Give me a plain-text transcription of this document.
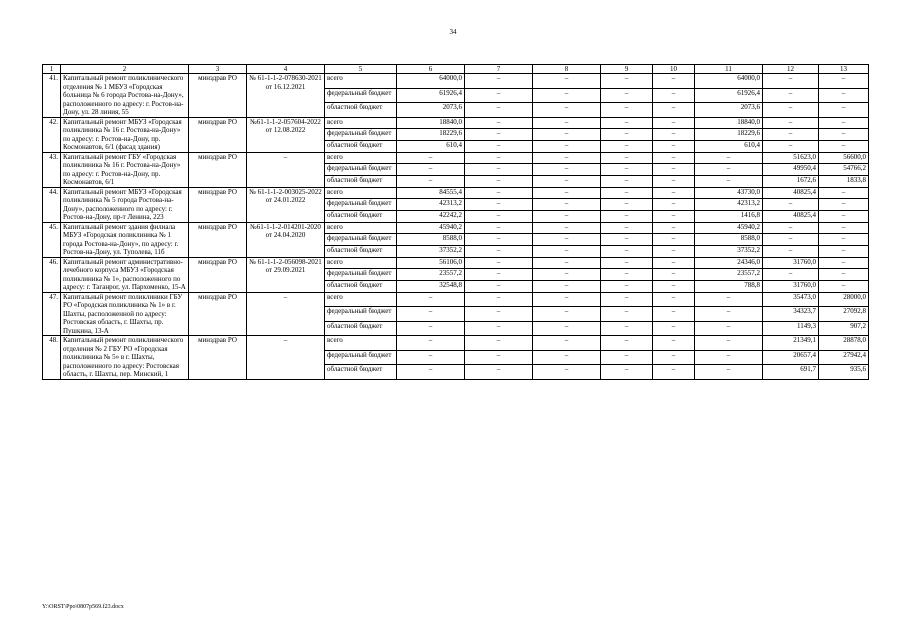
34
1	2	3	4	5	6	7	8	9	10	11	12	13
41.	Капитальный ремонт поликлинического отделения № 1 МБУЗ «Городская больница № 6 города Ростова-на-Дону», расположенного по адресу: г. Ростов-на-Дону, ул. 28 линия, 55	минздрав РО	№ 61-1-1-2-078630-2021 от 16.12.2021	всего	64000,0	–	–	–	–	64000,0	–	–
				федеральный бюджет	61926,4	–	–	–	–	61926,4	–	–
				областной бюджет	2073,6	–	–	–	–	2073,6	–	–
42.	Капитальный ремонт МБУЗ «Городская поликлиника № 16 г. Ростова-на-Дону» по адресу: г. Ростов-на-Дону, пр. Космонавтов, 6/1 (фасад здания)	минздрав РО	№61-1-1-2-057604-2022 от 12.08.2022	всего	18840,0	–	–	–	–	18840,0	–	–
				федеральный бюджет	18229,6	–	–	–	–	18229,6	–	–
				областной бюджет	610,4	–	–	–	–	610,4	–	–
43.	Капитальный ремонт ГБУ «Городская поликлиника № 16 г. Ростова-на-Дону» по адресу: г. Ростов-на-Дону, пр. Космонавтов, 6/1	минздрав РО	–	всего	–	–	–	–	–	–	51623,0	56600,0
				федеральный бюджет	–	–	–	–	–	–	49950,4	54766,2
				областной бюджет	–	–	–	–	–	–	1672,6	1833,8
44.	Капитальный ремонт МБУЗ «Городская поликлиника № 5 города Ростова-на-Дону», расположенного по адресу: г. Ростов-на-Дону, пр-т Ленина, 223	минздрав РО	№ 61-1-1-2-003025-2022 от 24.01.2022	всего	84555,4	–	–	–	–	43730,0	40825,4	–
				федеральный бюджет	42313,2	–	–	–	–	42313,2	–	–
				областной бюджет	42242,2	–	–	–	–	1416,8	40825,4	–
45.	Капитальный ремонт здания филиала МБУЗ «Городская поликлиника № 1 города Ростова-на-Дону», по адресу: г. Ростов-на-Дону, ул. Туполева, 11б	минздрав РО	№61-1-1-2-014201-2020 от 24.04.2020	всего	45940,2	–	–	–	–	45940,2	–	–
				федеральный бюджет	8588,0	–	–	–	–	8588,0	–	–
				областной бюджет	37352,2	–	–	–	–	37352,2	–	–
46.	Капитальный ремонт административно-лечебного корпуса МБУЗ «Городская поликлиника № 1», расположенного по адресу: г. Таганрог, ул. Пархоменко, 15-А	минздрав РО	№ 61-1-1-2-056098-2021 от 29.09.2021	всего	56106,0	–	–	–	–	24346,0	31760,0	–
				федеральный бюджет	23557,2	–	–	–	–	23557,2	–	–
				областной бюджет	32548,8	–	–	–	–	788,8	31760,0	–
47.	Капитальный ремонт поликлиники ГБУ РО «Городская поликлиника № 1» в г. Шахты, расположенной по адресу: Ростовская область, г. Шахты, пр. Пушкина, 13-А	минздрав РО	–	всего	–	–	–	–	–	–	35473,0	28000,0
				федеральный бюджет	–	–	–	–	–	–	34323,7	27092,8
				областной бюджет	–	–	–	–	–	–	1149,3	907,2
48.	Капитальный ремонт поликлинического отделения № 2 ГБУ РО «Городская поликлиника № 5» в г. Шахты, расположенного по адресу: Ростовская область, г. Шахты, пер. Минский, 1	минздрав РО	–	всего	–	–	–	–	–	–	21349,1	28878,0
				федеральный бюджет	–	–	–	–	–	–	20657,4	27942,4
				областной бюджет	–	–	–	–	–	–	691,7	935,6
Y:\ORST\Ppo\0807p569.f23.docx
